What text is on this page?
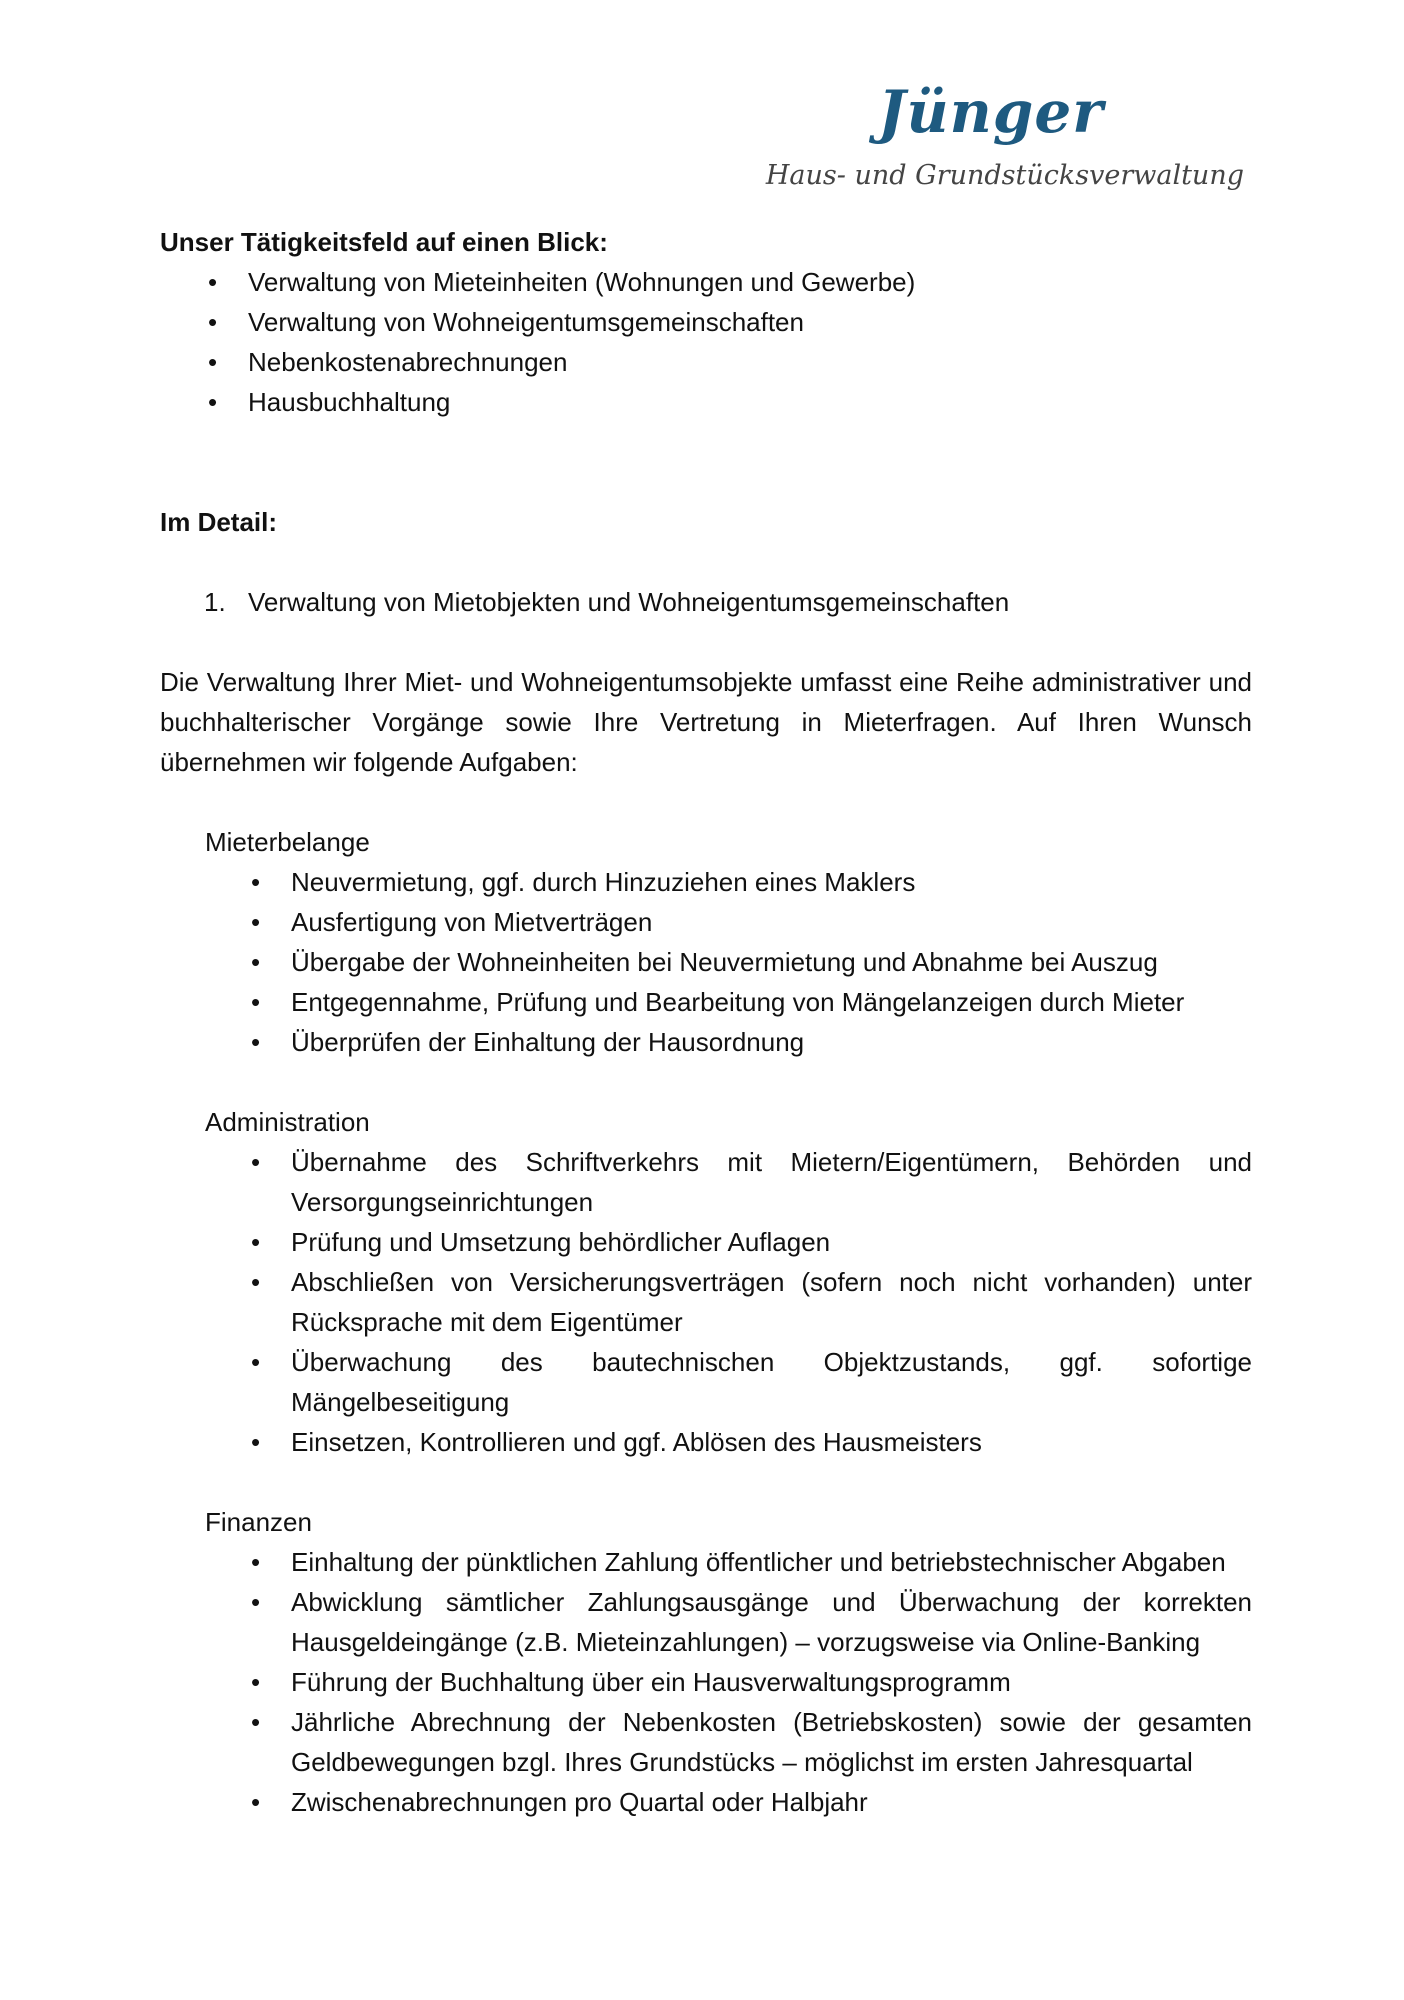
Jünger
Haus- und Grundstücksverwaltung
Unser Tätigkeitsfeld auf einen Blick:
• Verwaltung von Mieteinheiten (Wohnungen und Gewerbe)
• Verwaltung von Wohneigentumsgemeinschaften
• Nebenkostenabrechnungen
• Hausbuchhaltung
Im Detail:
1. Verwaltung von Mietobjekten und Wohneigentumsgemeinschaften
Die Verwaltung Ihrer Miet- und Wohneigentumsobjekte umfasst eine Reihe administrativer und buchhalterischer Vorgänge sowie Ihre Vertretung in Mieterfragen. Auf Ihren Wunsch übernehmen wir folgende Aufgaben:
Mieterbelange
• Neuvermietung, ggf. durch Hinzuziehen eines Maklers
• Ausfertigung von Mietverträgen
• Übergabe der Wohneinheiten bei Neuvermietung und Abnahme bei Auszug
• Entgegennahme, Prüfung und Bearbeitung von Mängelanzeigen durch Mieter
• Überprüfen der Einhaltung der Hausordnung
Administration
• Übernahme des Schriftverkehrs mit Mietern/Eigentümern, Behörden und Versorgungseinrichtungen
• Prüfung und Umsetzung behördlicher Auflagen
• Abschließen von Versicherungsverträgen (sofern noch nicht vorhanden) unter Rücksprache mit dem Eigentümer
• Überwachung des bautechnischen Objektzustands, ggf. sofortige Mängelbeseitigung
• Einsetzen, Kontrollieren und ggf. Ablösen des Hausmeisters
Finanzen
• Einhaltung der pünktlichen Zahlung öffentlicher und betriebstechnischer Abgaben
• Abwicklung sämtlicher Zahlungsausgänge und Überwachung der korrekten Hausgeldeingänge (z.B. Mieteinzahlungen) – vorzugsweise via Online-Banking
• Führung der Buchhaltung über ein Hausverwaltungsprogramm
• Jährliche Abrechnung der Nebenkosten (Betriebskosten) sowie der gesamten Geldbewegungen bzgl. Ihres Grundstücks – möglichst im ersten Jahresquartal
• Zwischenabrechnungen pro Quartal oder Halbjahr
